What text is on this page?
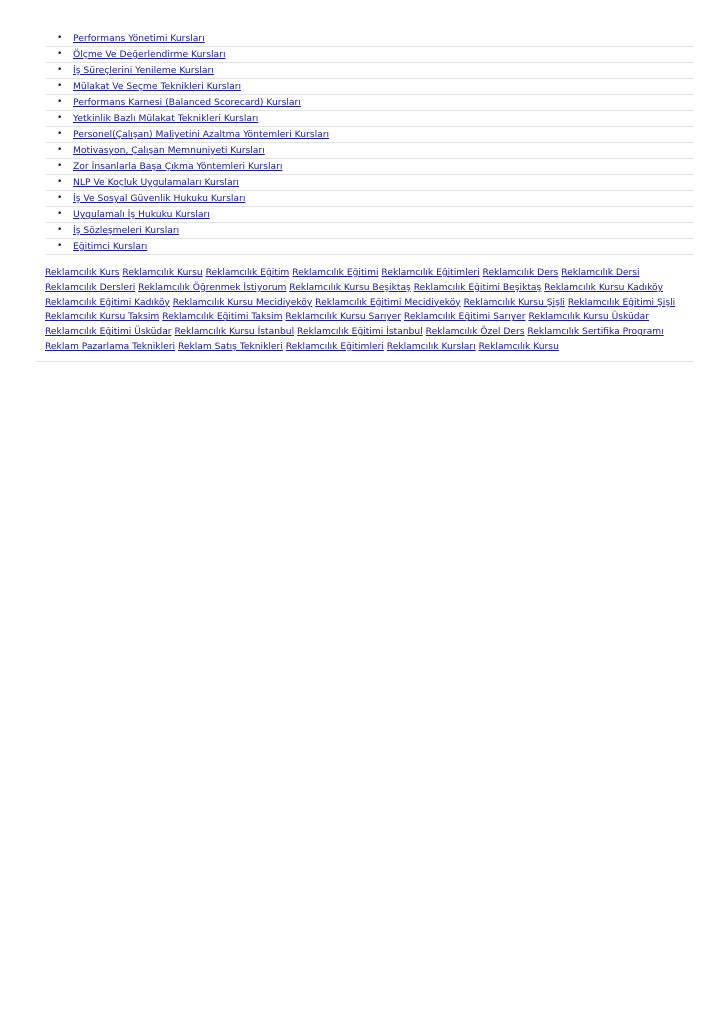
• Performans Yönetimi Kursları
• Ölçme Ve Değerlendirme Kursları
• İş Süreçlerini Yenileme Kursları
• Mülakat Ve Seçme Teknikleri Kursları
• Performans Karnesi (Balanced Scorecard) Kursları
• Yetkinlik Bazlı Mülakat Teknikleri Kursları
• Personel(Çalışan) Maliyetini Azaltma Yöntemleri Kursları
• Motivasyon, Çalışan Memnuniyeti Kursları
• Zor İnsanlarla Başa Çıkma Yöntemleri Kursları
• NLP Ve Koçluk Uygulamaları Kursları
• İş Ve Sosyal Güvenlik Hukuku Kursları
• Uygulamalı İş Hukuku Kursları
• İş Sözleşmeleri Kursları
• Eğitimci Kursları
Reklamcılık Kurs Reklamcılık Kursu Reklamcılık Eğitim Reklamcılık Eğitimi Reklamcılık Eğitimleri Reklamcılık Ders Reklamcılık Dersi
Reklamcılık Dersleri Reklamcılık Öğrenmek İstiyorum Reklamcılık Kursu Beşiktaş Reklamcılık Eğitimi Beşiktaş Reklamcılık Kursu Kadıköy
Reklamcılık Eğitimi Kadıköy Reklamcılık Kursu Mecidiyeköy Reklamcılık Eğitimi Mecidiyeköy Reklamcılık Kursu Şişli Reklamcılık Eğitimi Şişli
Reklamcılık Kursu Taksim Reklamcılık Eğitimi Taksim Reklamcılık Kursu Sarıyer Reklamcılık Eğitimi Sarıyer Reklamcılık Kursu Üsküdar
Reklamcılık Eğitimi Üsküdar Reklamcılık Kursu İstanbul Reklamcılık Eğitimi İstanbul Reklamcılık Özel Ders Reklamcılık Sertifika Programı
Reklam Pazarlama Teknikleri Reklam Satış Teknikleri Reklamcılık Eğitimleri Reklamcılık Kursları Reklamcılık Kursu
